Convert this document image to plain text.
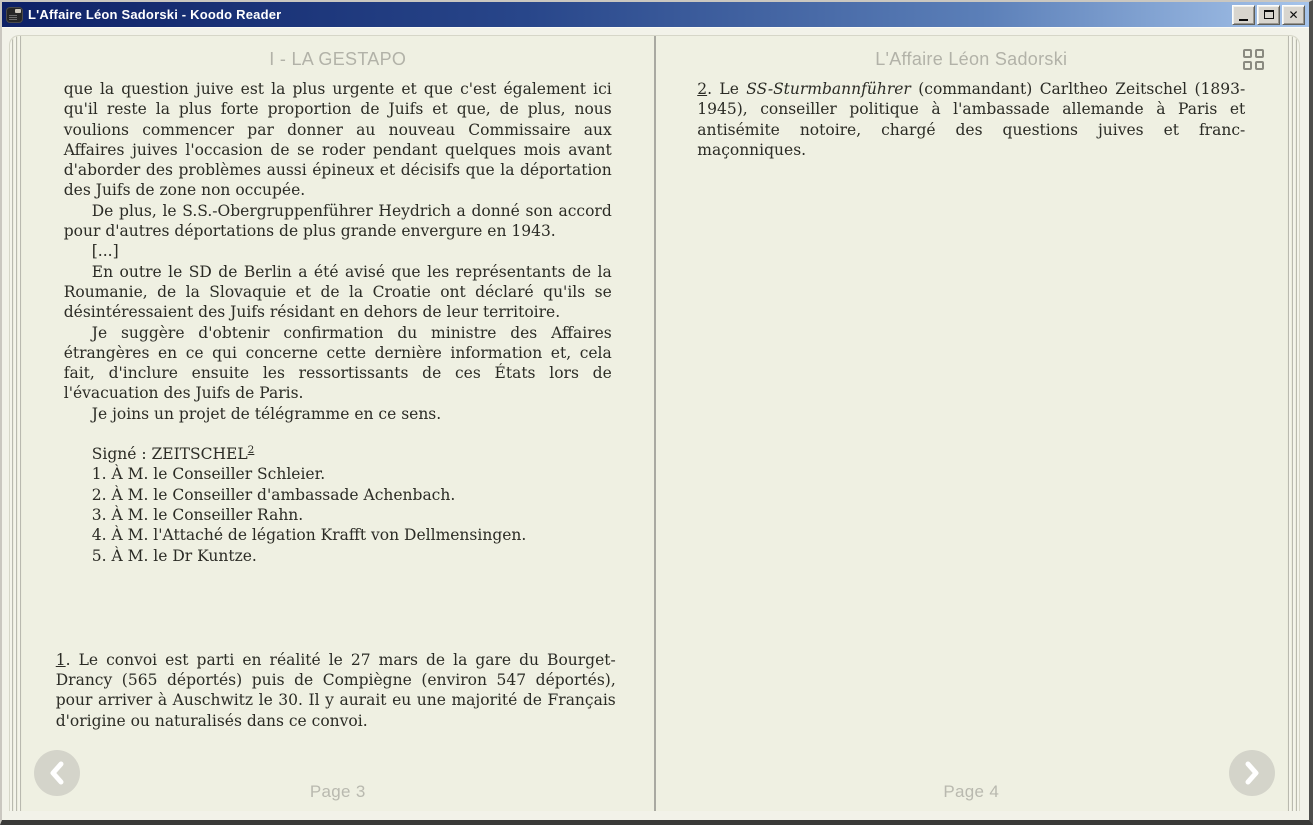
L'Affaire Léon Sadorski - Koodo Reader	✕
I - LA GESTAPO

que la question juive est la plus urgente et que c'est également ici qu'il reste la plus forte proportion de Juifs et que, de plus, nous voulions commencer par donner au nouveau Commissaire aux Affaires juives l'occasion de se roder pendant quelques mois avant d'aborder des problèmes aussi épineux et décisifs que la déportation des Juifs de zone non occupée.

De plus, le S.S.-Obergruppenführer Heydrich a donné son accord pour d'autres déportations de plus grande envergure en 1943.

[...]

En outre le SD de Berlin a été avisé que les représentants de la Roumanie, de la Slovaquie et de la Croatie ont déclaré qu'ils se désintéressaient des Juifs résidant en dehors de leur territoire.

Je suggère d'obtenir confirmation du ministre des Affaires étrangères en ce qui concerne cette dernière information et, cela fait, d'inclure ensuite les ressortissants de ces États lors de l'évacuation des Juifs de Paris.

Je joins un projet de télégramme en ce sens.

Signé : ZEITSCHEL$^2$

1. À M. le Conseiller Schleier.

2. À M. le Conseiller d'ambassade Achenbach.

3. À M. le Conseiller Rahn.

4. À M. l'Attaché de légation Krafft von Dellmensingen.

5. À M. le Dr Kuntze.

1. Le convoi est parti en réalité le 27 mars de la gare du Bourget-Drancy (565 déportés) puis de Compiègne (environ 547 déportés), pour arriver à Auschwitz le 30. Il y aurait eu une majorité de Français d'origine ou naturalisés dans ce convoi.

Page 3
L'Affaire Léon Sadorski

2. Le SS-Sturmbannführer (commandant) Carltheo Zeitschel (1893-1945), conseiller politique à l'ambassade allemande à Paris et antisémite notoire, chargé des questions juives et franc-maçonniques.

Page 4
